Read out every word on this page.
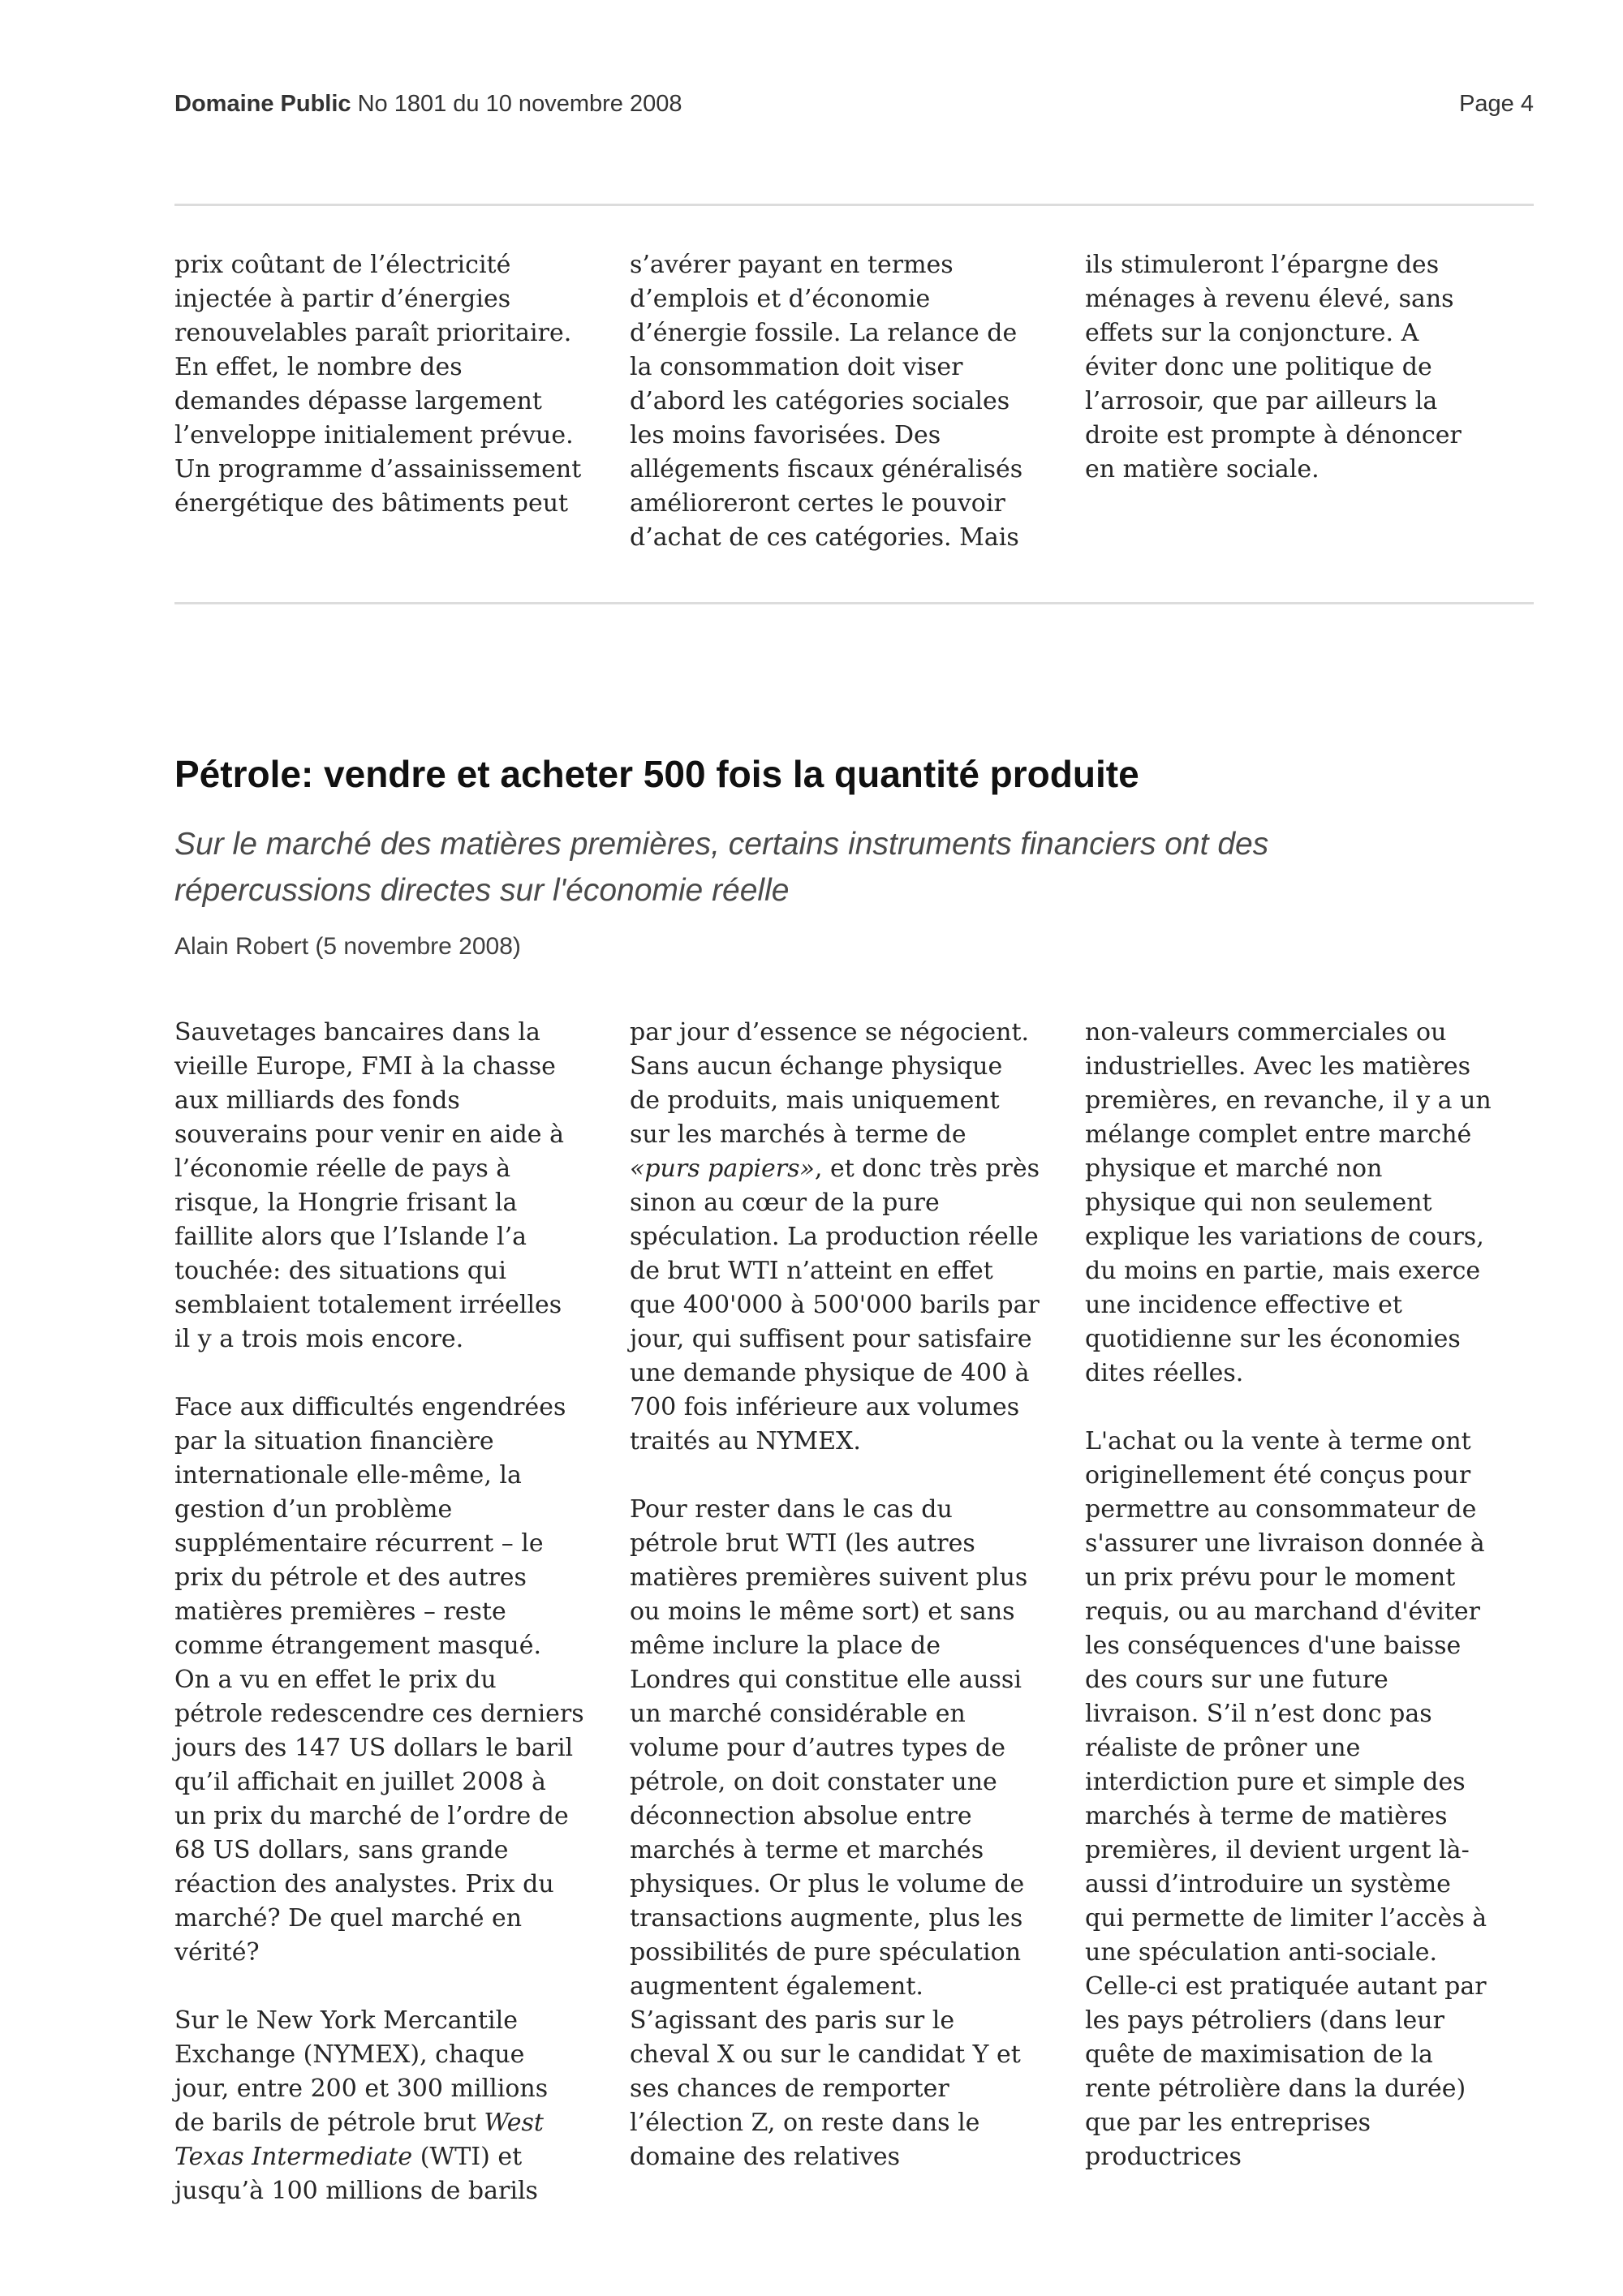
Domaine Public No 1801 du 10 novembre 2008	Page 4

prix coûtant de l’électricité injectée à partir d’énergies renouvelables paraît prioritaire. En effet, le nombre des demandes dépasse largement l’enveloppe initialement prévue. Un programme d’assainissement énergétique des bâtiments peut

s’avérer payant en termes d’emplois et d’économie d’énergie fossile. La relance de la consommation doit viser d’abord les catégories sociales les moins favorisées. Des allégements fiscaux généralisés amélioreront certes le pouvoir d’achat de ces catégories. Mais

ils stimuleront l’épargne des ménages à revenu élevé, sans effets sur la conjoncture. A éviter donc une politique de l’arrosoir, que par ailleurs la droite est prompte à dénoncer en matière sociale.

Pétrole: vendre et acheter 500 fois la quantité produite
Sur le marché des matières premières, certains instruments financiers ont des
répercussions directes sur l'économie réelle
Alain Robert (5 novembre 2008)

Sauvetages bancaires dans la vieille Europe, FMI à la chasse aux milliards des fonds souverains pour venir en aide à l’économie réelle de pays à risque, la Hongrie frisant la faillite alors que l’Islande l’a touchée: des situations qui semblaient totalement irréelles il y a trois mois encore.

Face aux difficultés engendrées par la situation financière internationale elle-même, la gestion d’un problème supplémentaire récurrent – le prix du pétrole et des autres matières premières – reste comme étrangement masqué. On a vu en effet le prix du pétrole redescendre ces derniers jours des 147 US dollars le baril qu’il affichait en juillet 2008 à un prix du marché de l’ordre de 68 US dollars, sans grande réaction des analystes. Prix du marché? De quel marché en vérité?

Sur le New York Mercantile Exchange (NYMEX), chaque jour, entre 200 et 300 millions de barils de pétrole brut West Texas Intermediate (WTI) et jusqu’à 100 millions de barils

par jour d’essence se négocient. Sans aucun échange physique de produits, mais uniquement sur les marchés à terme de «purs papiers», et donc très près sinon au cœur de la pure spéculation. La production réelle de brut WTI n’atteint en effet que 400'000 à 500'000 barils par jour, qui suffisent pour satisfaire une demande physique de 400 à 700 fois inférieure aux volumes traités au NYMEX.

Pour rester dans le cas du pétrole brut WTI (les autres matières premières suivent plus ou moins le même sort) et sans même inclure la place de Londres qui constitue elle aussi un marché considérable en volume pour d’autres types de pétrole, on doit constater une déconnection absolue entre marchés à terme et marchés physiques. Or plus le volume de transactions augmente, plus les possibilités de pure spéculation augmentent également. S’agissant des paris sur le cheval X ou sur le candidat Y et ses chances de remporter l’élection Z, on reste dans le domaine des relatives

non-valeurs commerciales ou industrielles. Avec les matières premières, en revanche, il y a un mélange complet entre marché physique et marché non physique qui non seulement explique les variations de cours, du moins en partie, mais exerce une incidence effective et quotidienne sur les économies dites réelles.

L'achat ou la vente à terme ont originellement été conçus pour permettre au consommateur de s'assurer une livraison donnée à un prix prévu pour le moment requis, ou au marchand d'éviter les conséquences d'une baisse des cours sur une future livraison. S’il n’est donc pas réaliste de prôner une interdiction pure et simple des marchés à terme de matières premières, il devient urgent là-aussi d’introduire un système qui permette de limiter l’accès à une spéculation anti-sociale. Celle-ci est pratiquée autant par les pays pétroliers (dans leur quête de maximisation de la rente pétrolière dans la durée) que par les entreprises productrices
